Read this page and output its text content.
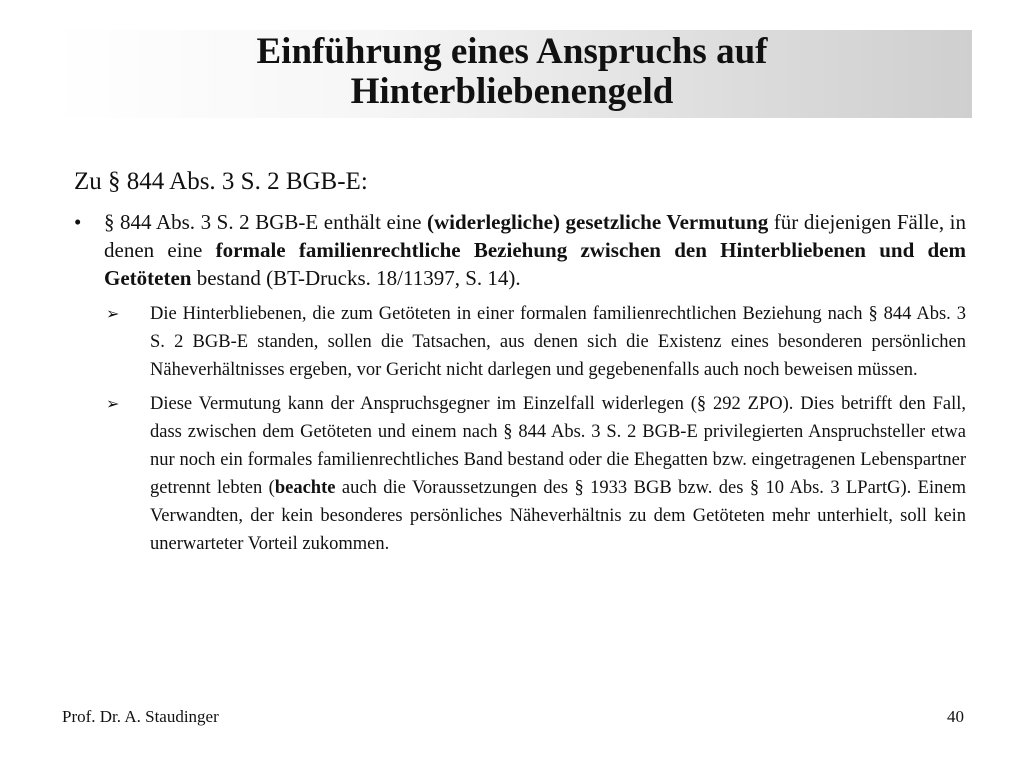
Einführung eines Anspruchs auf
Hinterbliebenengeld
Zu § 844 Abs. 3 S. 2 BGB-E:
• § 844 Abs. 3 S. 2 BGB-E enthält eine (widerlegliche) gesetzliche Vermutung für diejenigen Fälle, in denen eine formale familienrechtliche Beziehung zwischen den Hinterbliebenen und dem Getöteten bestand (BT-Drucks. 18/11397, S. 14).
➢ Die Hinterbliebenen, die zum Getöteten in einer formalen familienrechtlichen Beziehung nach § 844 Abs. 3 S. 2 BGB-E standen, sollen die Tatsachen, aus denen sich die Existenz eines besonderen persönlichen Näheverhältnisses ergeben, vor Gericht nicht darlegen und gegebenenfalls auch noch beweisen müssen.
➢ Diese Vermutung kann der Anspruchsgegner im Einzelfall widerlegen (§ 292 ZPO). Dies betrifft den Fall, dass zwischen dem Getöteten und einem nach § 844 Abs. 3 S. 2 BGB-E privilegierten Anspruchsteller etwa nur noch ein formales familienrechtliches Band bestand oder die Ehegatten bzw. eingetragenen Lebenspartner getrennt lebten (beachte auch die Voraussetzungen des § 1933 BGB bzw. des § 10 Abs. 3 LPartG). Einem Verwandten, der kein besonderes persönliches Näheverhältnis zu dem Getöteten mehr unterhielt, soll kein unerwarteter Vorteil zukommen.
Prof. Dr. A. Staudinger	40
